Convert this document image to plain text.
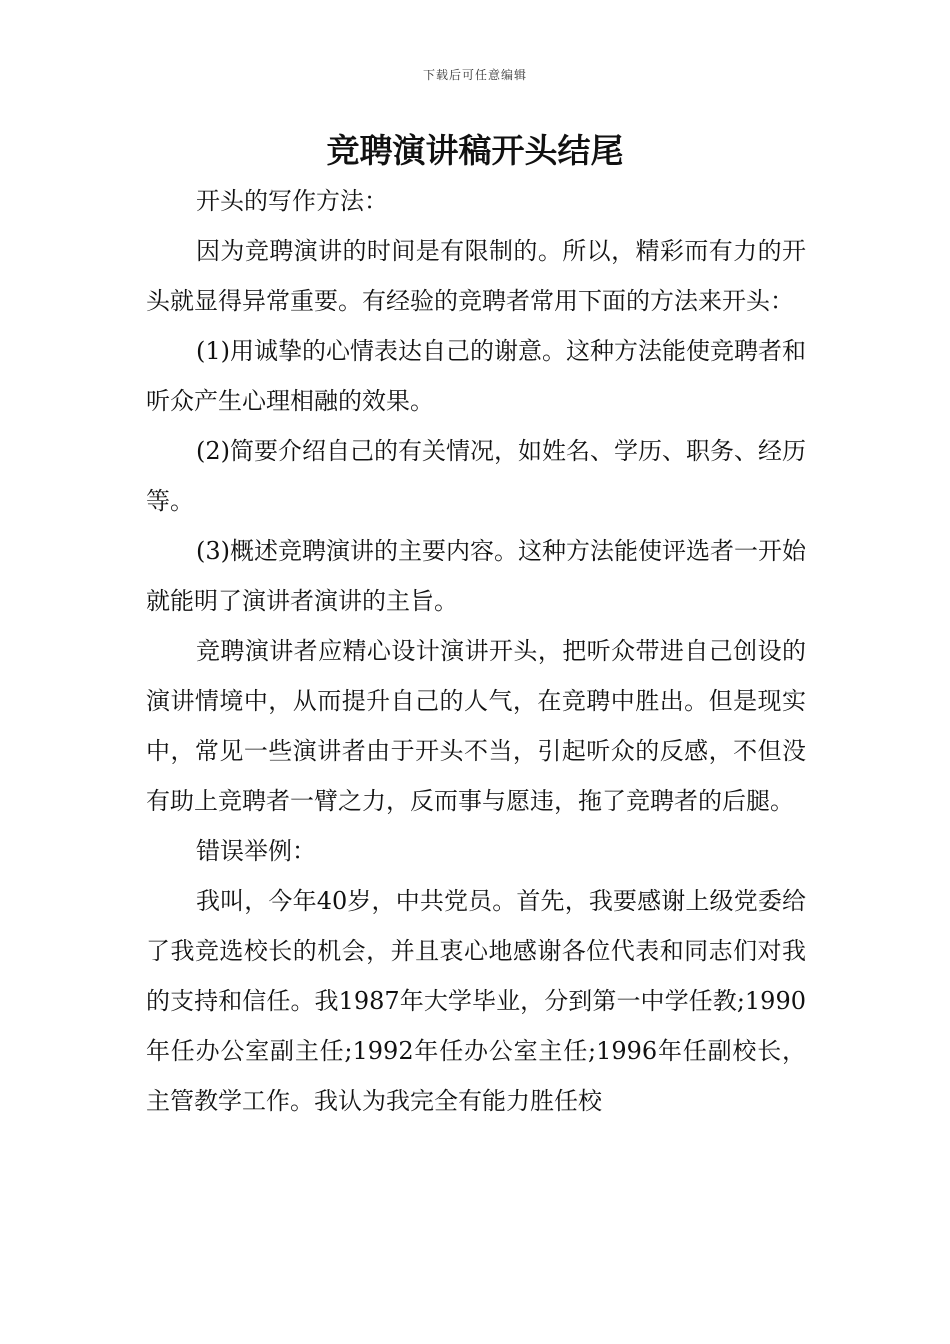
下载后可任意编辑
竞聘演讲稿开头结尾

开头的写作方法：

因为竞聘演讲的时间是有限制的。所以，精彩而有力的开头就显得异常重要。有经验的竞聘者常用下面的方法来开头：

(1)用诚挚的心情表达自己的谢意。这种方法能使竞聘者和听众产生心理相融的效果。

(2)简要介绍自己的有关情况，如姓名、学历、职务、经历等。

(3)概述竞聘演讲的主要内容。这种方法能使评选者一开始就能明了演讲者演讲的主旨。

竞聘演讲者应精心设计演讲开头，把听众带进自己创设的演讲情境中，从而提升自己的人气，在竞聘中胜出。但是现实中，常见一些演讲者由于开头不当，引起听众的反感，不但没有助上竞聘者一臂之力，反而事与愿违，拖了竞聘者的后腿。

错误举例：

我叫，今年40岁，中共党员。首先，我要感谢上级党委给了我竞选校长的机会，并且衷心地感谢各位代表和同志们对我的支持和信任。我1987年大学毕业，分到第一中学任教;1990年任办公室副主任;1992年任办公室主任;1996年任副校长，主管教学工作。我认为我完全有能力胜任校
